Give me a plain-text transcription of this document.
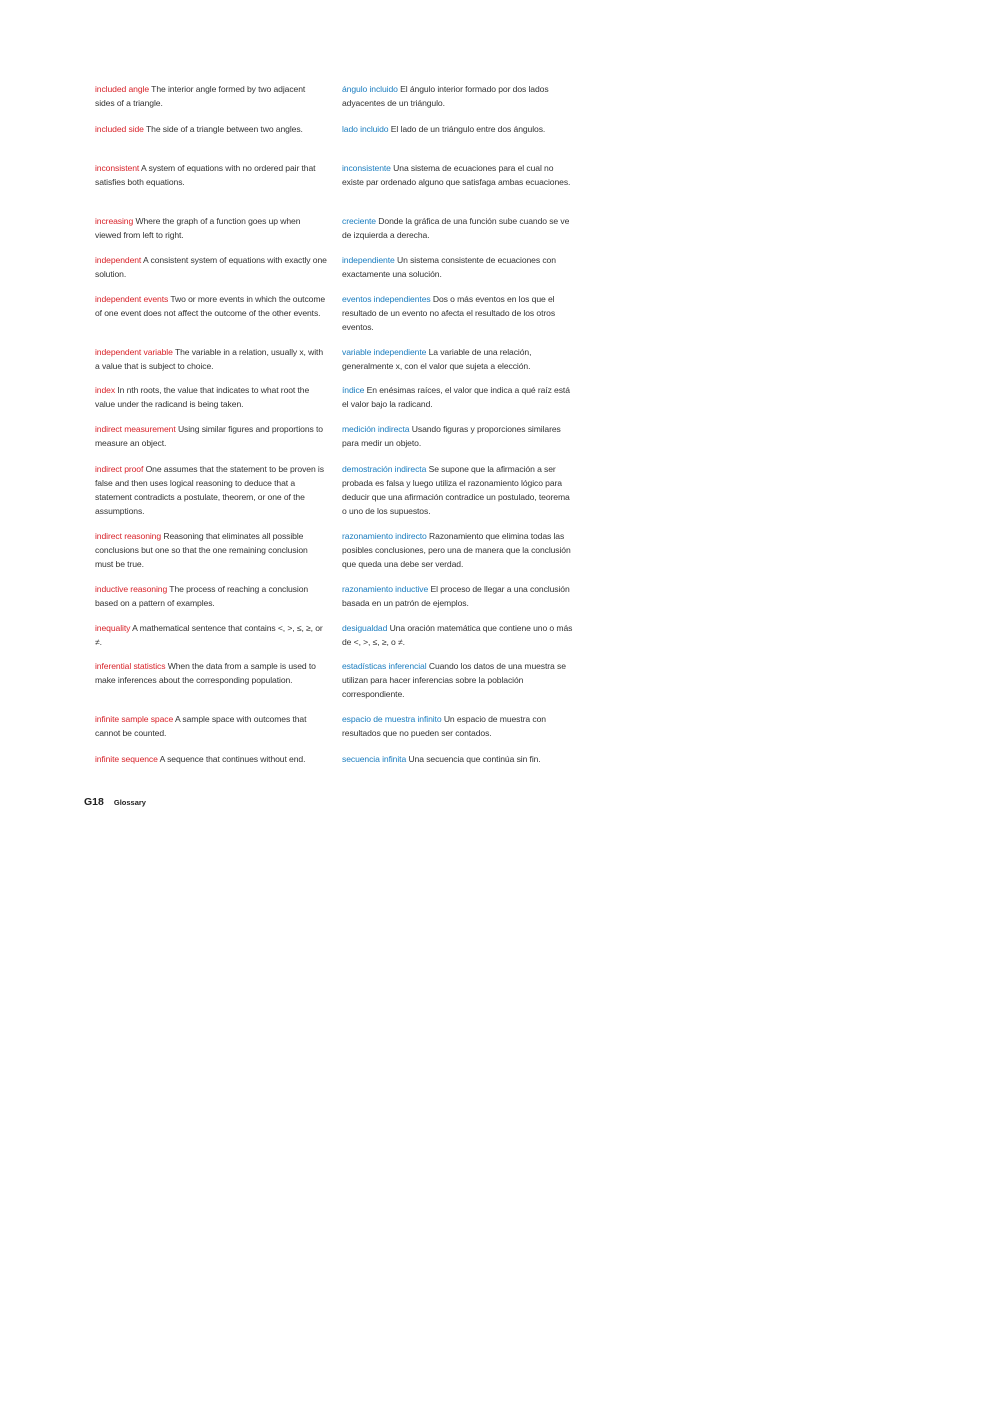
included angle The interior angle formed by two adjacent sides of a triangle.
included side The side of a triangle between two angles.
inconsistent A system of equations with no ordered pair that satisfies both equations.
increasing Where the graph of a function goes up when viewed from left to right.
independent A consistent system of equations with exactly one solution.
independent events Two or more events in which the outcome of one event does not affect the outcome of the other events.
independent variable The variable in a relation, usually x, with a value that is subject to choice.
index In nth roots, the value that indicates to what root the value under the radicand is being taken.
indirect measurement Using similar figures and proportions to measure an object.
indirect proof One assumes that the statement to be proven is false and then uses logical reasoning to deduce that a statement contradicts a postulate, theorem, or one of the assumptions.
indirect reasoning Reasoning that eliminates all possible conclusions but one so that the one remaining conclusion must be true.
inductive reasoning The process of reaching a conclusion based on a pattern of examples.
inequality A mathematical sentence that contains <, >, ≤, ≥, or ≠.
inferential statistics When the data from a sample is used to make inferences about the corresponding population.
infinite sample space A sample space with outcomes that cannot be counted.
infinite sequence A sequence that continues without end.
ángulo incluido El ángulo interior formado por dos lados adyacentes de un triángulo.
lado incluido El lado de un triángulo entre dos ángulos.
inconsistente Una sistema de ecuaciones para el cual no existe par ordenado alguno que satisfaga ambas ecuaciones.
creciente Donde la gráfica de una función sube cuando se ve de izquierda a derecha.
independiente Un sistema consistente de ecuaciones con exactamente una solución.
eventos independientes Dos o más eventos en los que el resultado de un evento no afecta el resultado de los otros eventos.
variable independiente La variable de una relación, generalmente x, con el valor que sujeta a elección.
índice En enésimas raíces, el valor que indica a qué raíz está el valor bajo la radicand.
medición indirecta Usando figuras y proporciones similares para medir un objeto.
demostración indirecta Se supone que la afirmación a ser probada es falsa y luego utiliza el razonamiento lógico para deducir que una afirmación contradice un postulado, teorema o uno de los supuestos.
razonamiento indirecto Razonamiento que elimina todas las posibles conclusiones, pero una de manera que la conclusión que queda una debe ser verdad.
razonamiento inductive El proceso de llegar a una conclusión basada en un patrón de ejemplos.
desigualdad Una oración matemática que contiene uno o más de <, >, ≤, ≥, o ≠.
estadísticas inferencial Cuando los datos de una muestra se utilizan para hacer inferencias sobre la población correspondiente.
espacio de muestra infinito Un espacio de muestra con resultados que no pueden ser contados.
secuencia infinita Una secuencia que continúa sin fin.
G18 Glossary
